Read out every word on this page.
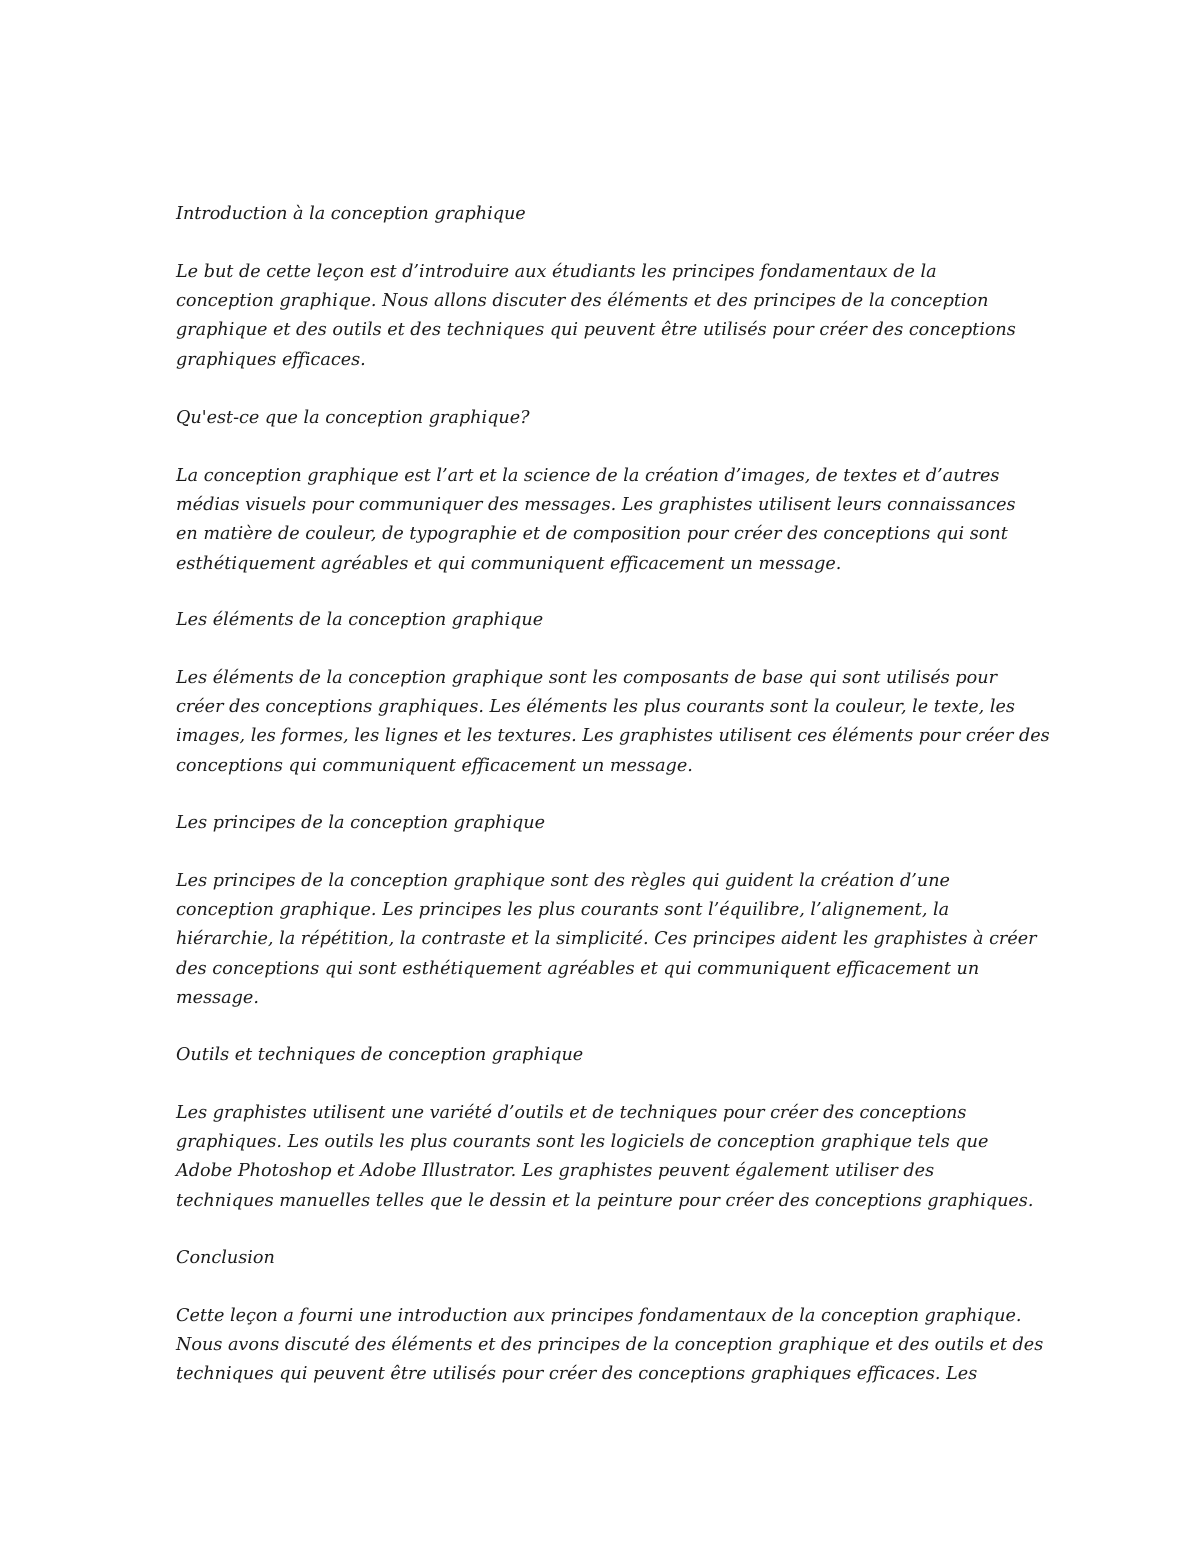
Introduction à la conception graphique

Le but de cette leçon est d’introduire aux étudiants les principes fondamentaux de la
conception graphique. Nous allons discuter des éléments et des principes de la conception
graphique et des outils et des techniques qui peuvent être utilisés pour créer des conceptions
graphiques efficaces.

Qu'est-ce que la conception graphique?

La conception graphique est l’art et la science de la création d’images, de textes et d’autres
médias visuels pour communiquer des messages. Les graphistes utilisent leurs connaissances
en matière de couleur, de typographie et de composition pour créer des conceptions qui sont
esthétiquement agréables et qui communiquent efficacement un message.

Les éléments de la conception graphique

Les éléments de la conception graphique sont les composants de base qui sont utilisés pour
créer des conceptions graphiques. Les éléments les plus courants sont la couleur, le texte, les
images, les formes, les lignes et les textures. Les graphistes utilisent ces éléments pour créer des
conceptions qui communiquent efficacement un message.

Les principes de la conception graphique

Les principes de la conception graphique sont des règles qui guident la création d’une
conception graphique. Les principes les plus courants sont l’équilibre, l’alignement, la
hiérarchie, la répétition, la contraste et la simplicité. Ces principes aident les graphistes à créer
des conceptions qui sont esthétiquement agréables et qui communiquent efficacement un
message.

Outils et techniques de conception graphique

Les graphistes utilisent une variété d’outils et de techniques pour créer des conceptions
graphiques. Les outils les plus courants sont les logiciels de conception graphique tels que
Adobe Photoshop et Adobe Illustrator. Les graphistes peuvent également utiliser des
techniques manuelles telles que le dessin et la peinture pour créer des conceptions graphiques.

Conclusion

Cette leçon a fourni une introduction aux principes fondamentaux de la conception graphique.
Nous avons discuté des éléments et des principes de la conception graphique et des outils et des
techniques qui peuvent être utilisés pour créer des conceptions graphiques efficaces. Les
